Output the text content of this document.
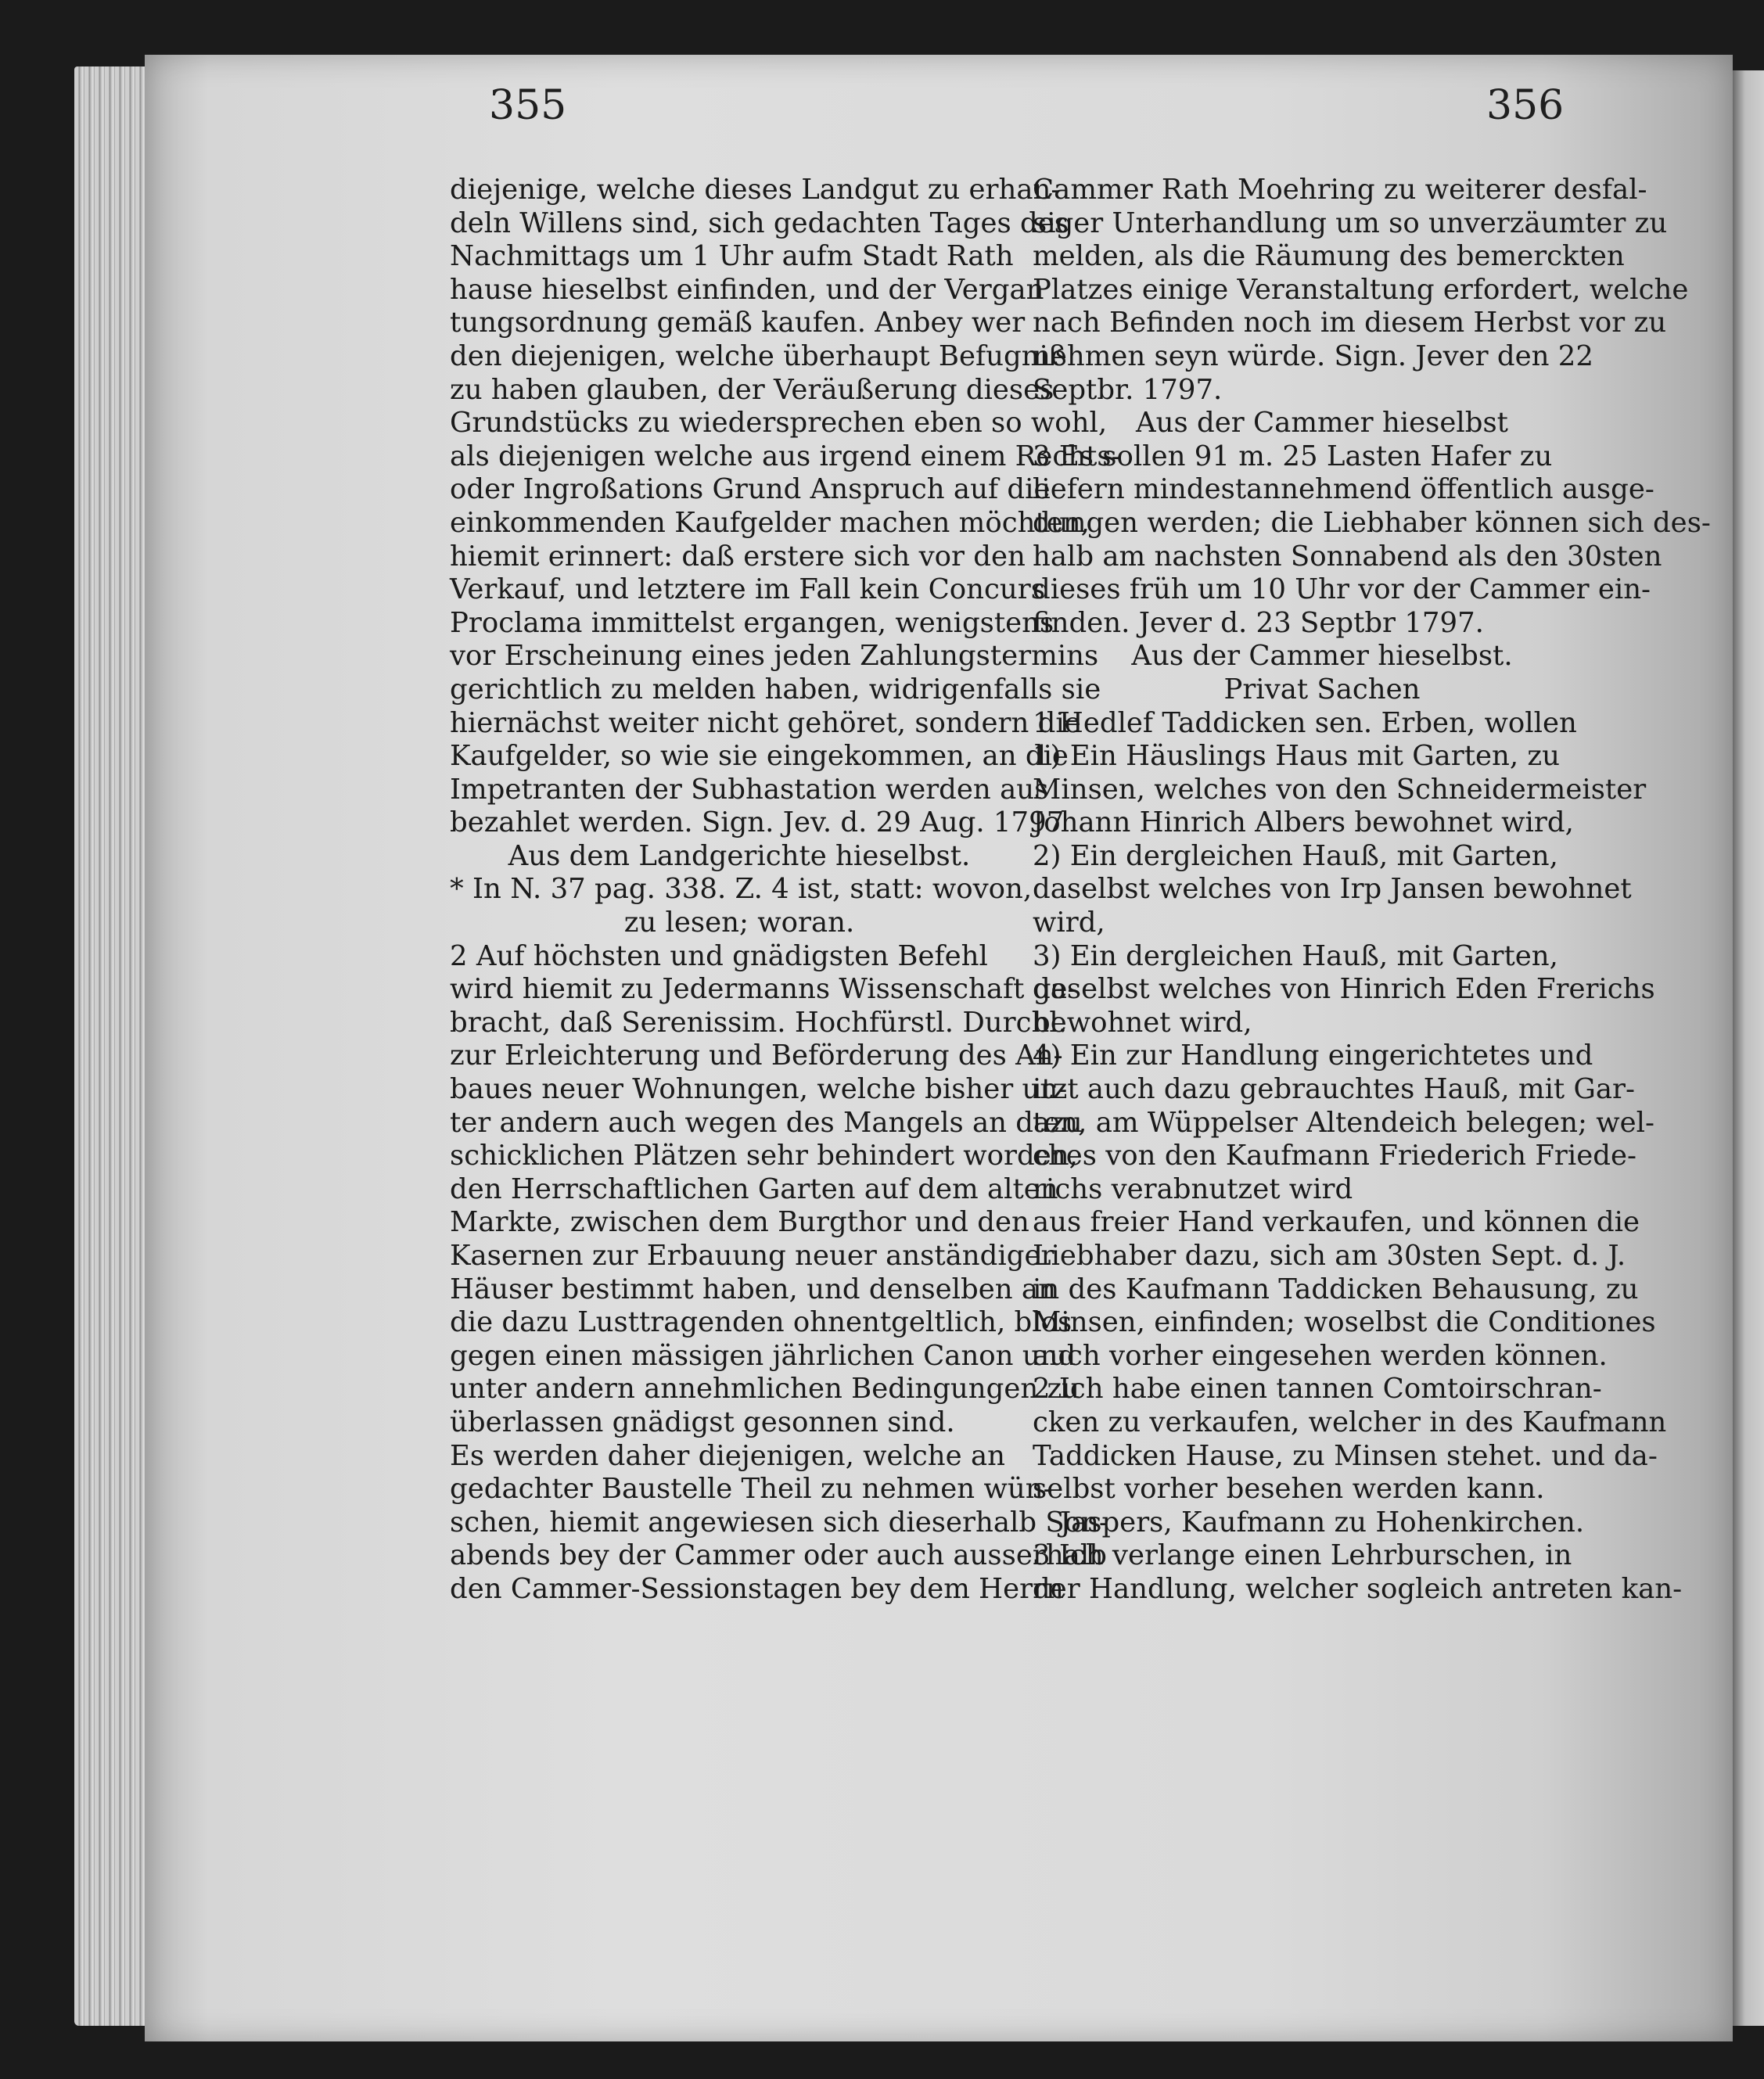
355	356
diejenige, welche dieses Landgut zu erhan-
deln Willens sind, sich gedachten Tages des
Nachmittags um 1 Uhr aufm Stadt Rath
hause hieselbst einfinden, und der Vergan
tungsordnung gemäß kaufen. Anbey wer
den diejenigen, welche überhaupt Befugniß
zu haben glauben, der Veräußerung dieses
Grundstücks zu wiedersprechen eben so wohl,
als diejenigen welche aus irgend einem Rechts-
oder Ingroßations Grund Anspruch auf die
einkommenden Kaufgelder machen möchten,
hiemit erinnert: daß erstere sich vor den
Verkauf, und letztere im Fall kein Concurs
Proclama immittelst ergangen, wenigstens
vor Erscheinung eines jeden Zahlungstermins
gerichtlich zu melden haben, widrigenfalls sie
hiernächst weiter nicht gehöret, sondern die
Kaufgelder, so wie sie eingekommen, an die
Impetranten der Subhastation werden aus
bezahlet werden. Sign. Jev. d. 29 Aug. 1797
Aus dem Landgerichte hieselbst.
* In N. 37 pag. 338. Z. 4 ist, statt: wovon,
zu lesen; woran.
2 Auf höchsten und gnädigsten Befehl
wird hiemit zu Jedermanns Wissenschaft ge-
bracht, daß Serenissim. Hochfürstl. Durchl.
zur Erleichterung und Beförderung des An-
baues neuer Wohnungen, welche bisher un-
ter andern auch wegen des Mangels an dazu
schicklichen Plätzen sehr behindert worden,
den Herrschaftlichen Garten auf dem alten
Markte, zwischen dem Burgthor und den
Kasernen zur Erbauung neuer anständiger
Häuser bestimmt haben, und denselben an
die dazu Lusttragenden ohnentgeltlich, blos
gegen einen mässigen jährlichen Canon und
unter andern annehmlichen Bedingungen zu
überlassen gnädigst gesonnen sind.
Es werden daher diejenigen, welche an
gedachter Baustelle Theil zu nehmen wün-
schen, hiemit angewiesen sich dieserhalb Son-
abends bey der Cammer oder auch ausserhalb
den Cammer-Sessionstagen bey dem Herrn
Cammer Rath Moehring zu weiterer desfal-
siger Unterhandlung um so unverzäumter zu
melden, als die Räumung des bemerckten
Platzes einige Veranstaltung erfordert, welche
nach Befinden noch im diesem Herbst vor zu
nehmen seyn würde. Sign. Jever den 22
Septbr. 1797.
Aus der Cammer hieselbst
3 Es sollen 91 m. 25 Lasten Hafer zu
liefern mindestannehmend öffentlich ausge-
dungen werden; die Liebhaber können sich des-
halb am nachsten Sonnabend als den 30sten
dieses früh um 10 Uhr vor der Cammer ein-
finden. Jever d. 23 Septbr 1797.
Aus der Cammer hieselbst.
Privat Sachen
1 Hedlef Taddicken sen. Erben, wollen
1) Ein Häuslings Haus mit Garten, zu
Minsen, welches von den Schneidermeister
Johann Hinrich Albers bewohnet wird,
2) Ein dergleichen Hauß, mit Garten,
daselbst welches von Irp Jansen bewohnet
wird,
3) Ein dergleichen Hauß, mit Garten,
daselbst welches von Hinrich Eden Frerichs
bewohnet wird,
4) Ein zur Handlung eingerichtetes und
itzt auch dazu gebrauchtes Hauß, mit Gar-
ten, am Wüppelser Altendeich belegen; wel-
ches von den Kaufmann Friederich Friede-
richs verabnutzet wird
aus freier Hand verkaufen, und können die
Liebhaber dazu, sich am 30sten Sept. d. J.
in des Kaufmann Taddicken Behausung, zu
Minsen, einfinden; woselbst die Conditiones
auch vorher eingesehen werden können.
2 Ich habe einen tannen Comtoirschran-
cken zu verkaufen, welcher in des Kaufmann
Taddicken Hause, zu Minsen stehet. und da-
selbst vorher besehen werden kann.
Jaspers, Kaufmann zu Hohenkirchen.
3 Ich verlange einen Lehrburschen, in
der Handlung, welcher sogleich antreten kan-
